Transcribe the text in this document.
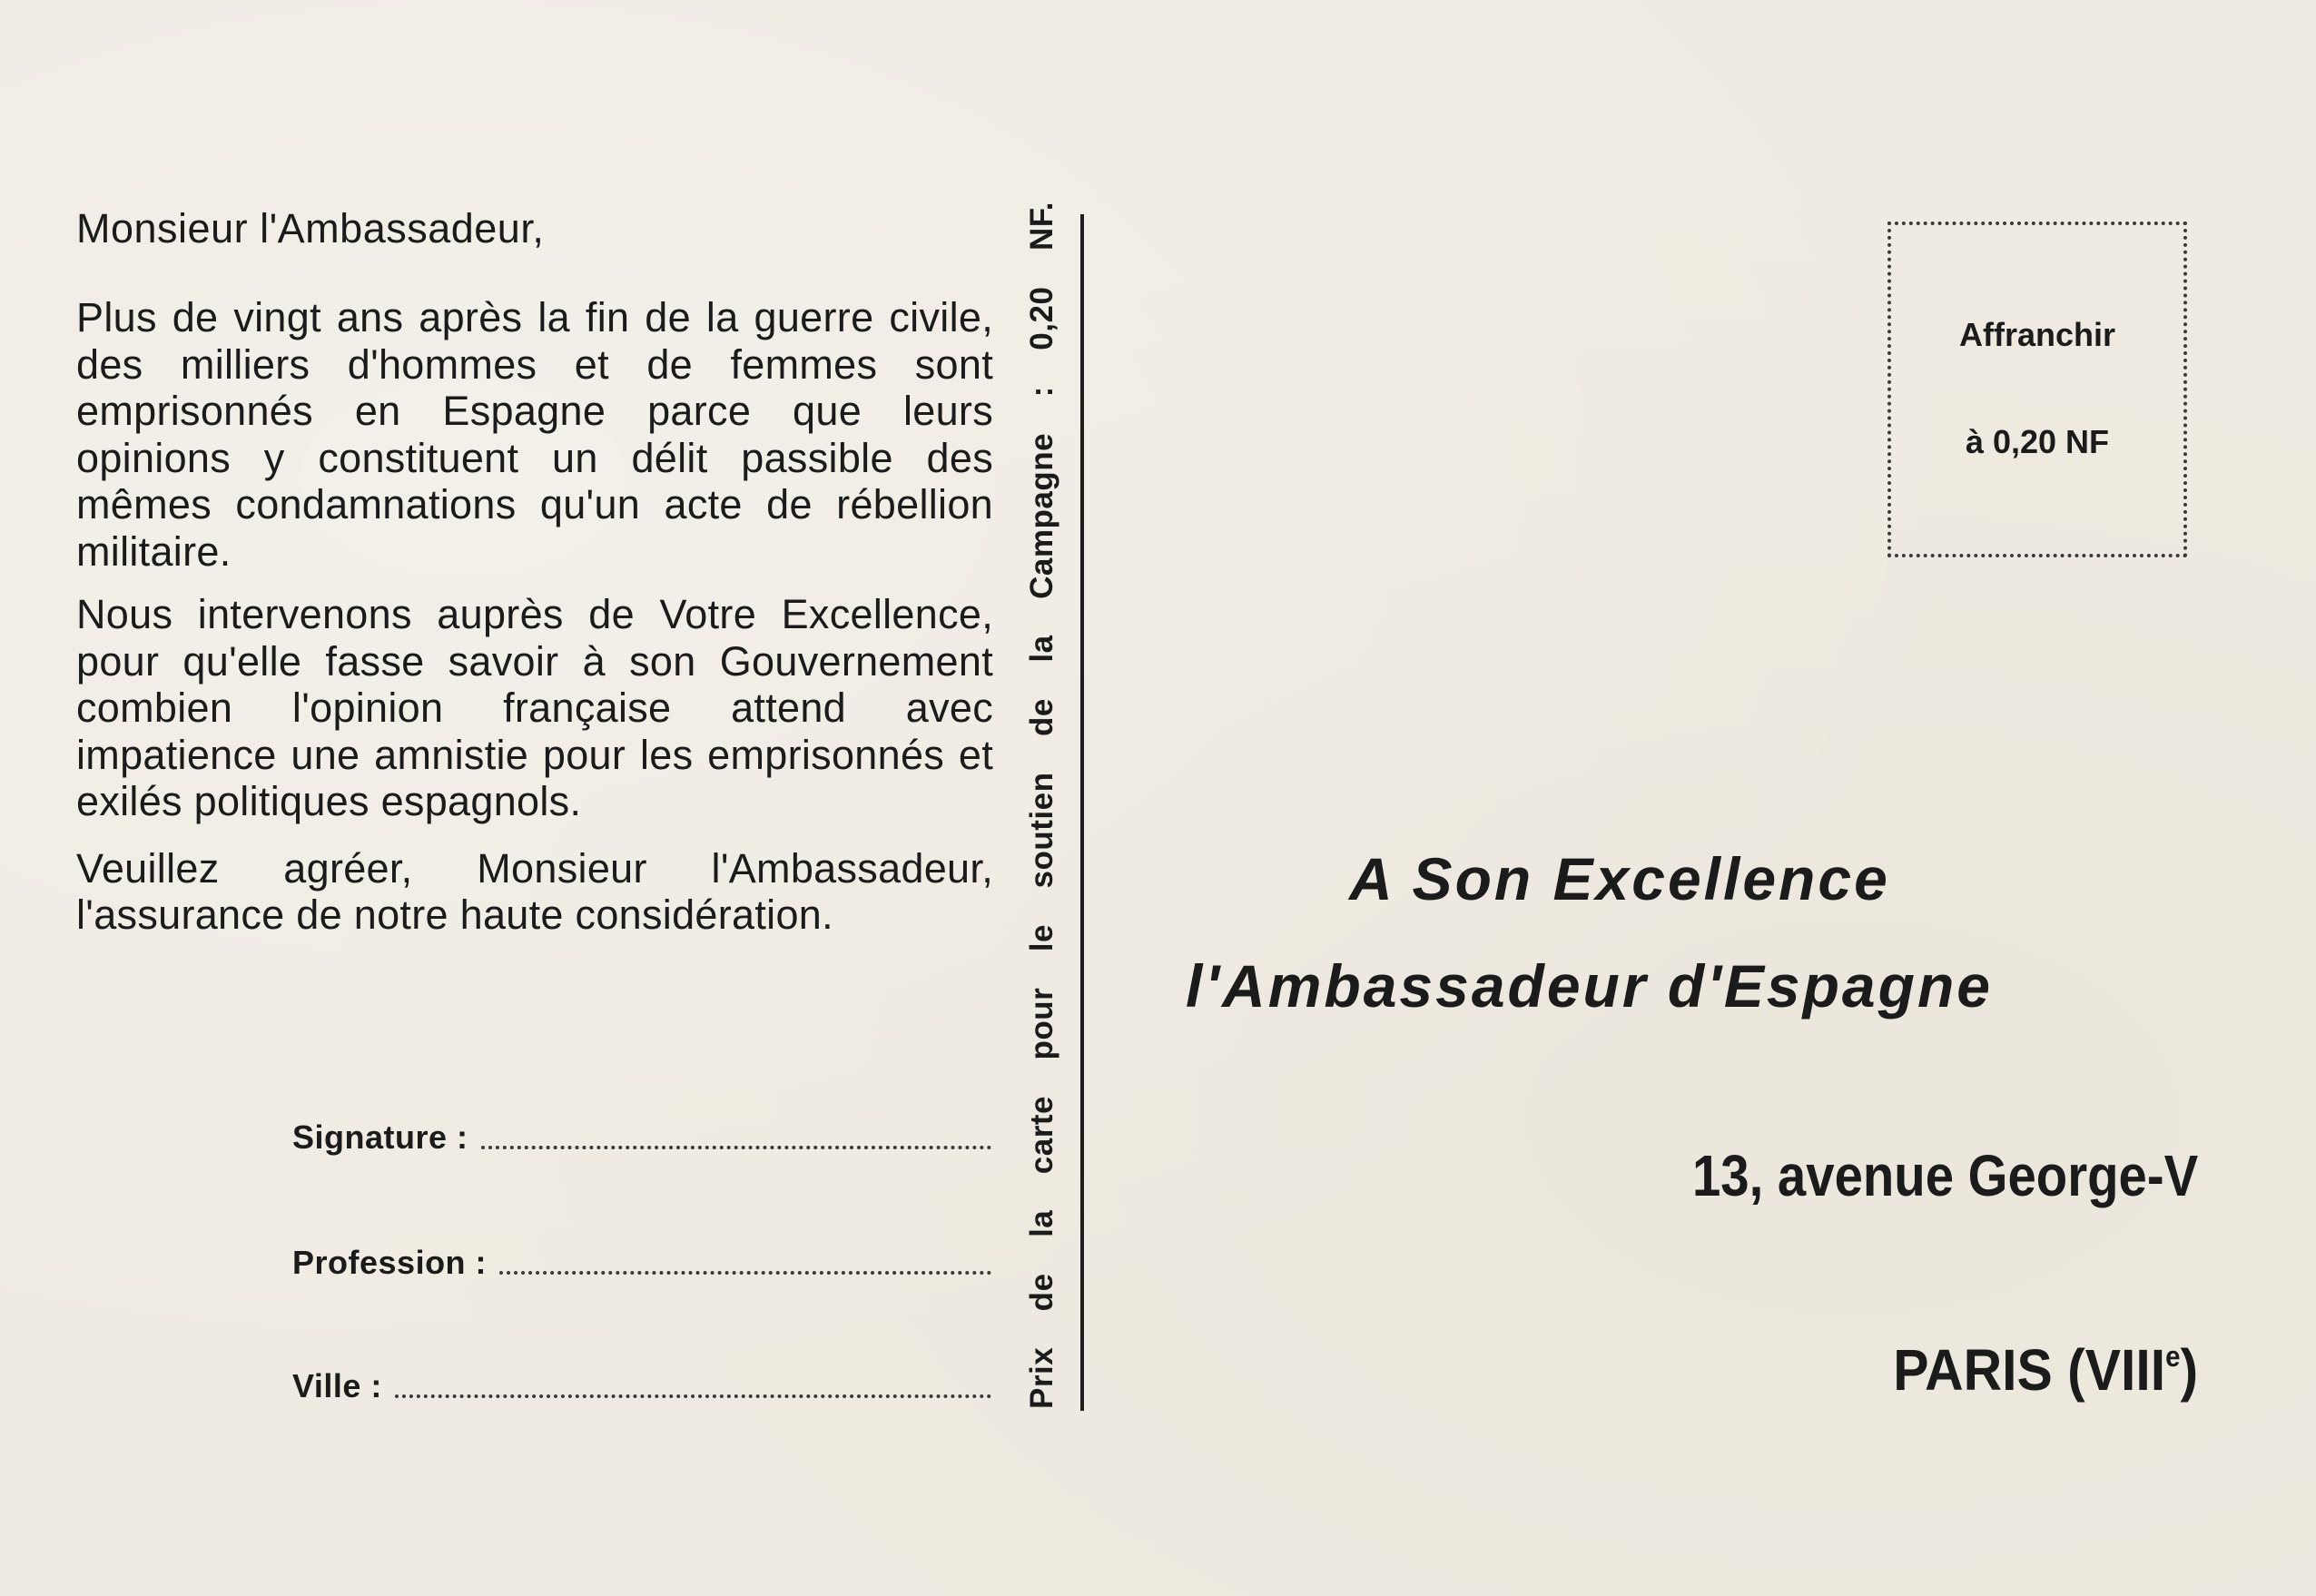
Monsieur l'Ambassadeur,

Plus de vingt ans après la fin de la guerre civile, des milliers d'hommes et de femmes sont emprisonnés en Espagne parce que leurs opinions y constituent un délit passible des mêmes condamnations qu'un acte de rébellion militaire.

Nous intervenons auprès de Votre Excellence, pour qu'elle fasse savoir à son Gouvernement combien l'opinion française attend avec impatience une amnistie pour les emprisonnés et exilés politiques espagnols.

Veuillez agréer, Monsieur l'Ambassadeur, l'assurance de notre haute considération.

Signature :
Profession :
Ville :	Prix
de
la
carte
pour
le
soutien
de
la
Campagne
:
0,20
NF.
Affranchir
à 0,20 NF
A Son Excellence
l'Ambassadeur d'Espagne
13, avenue George-V
PARIS (VIIIe)
